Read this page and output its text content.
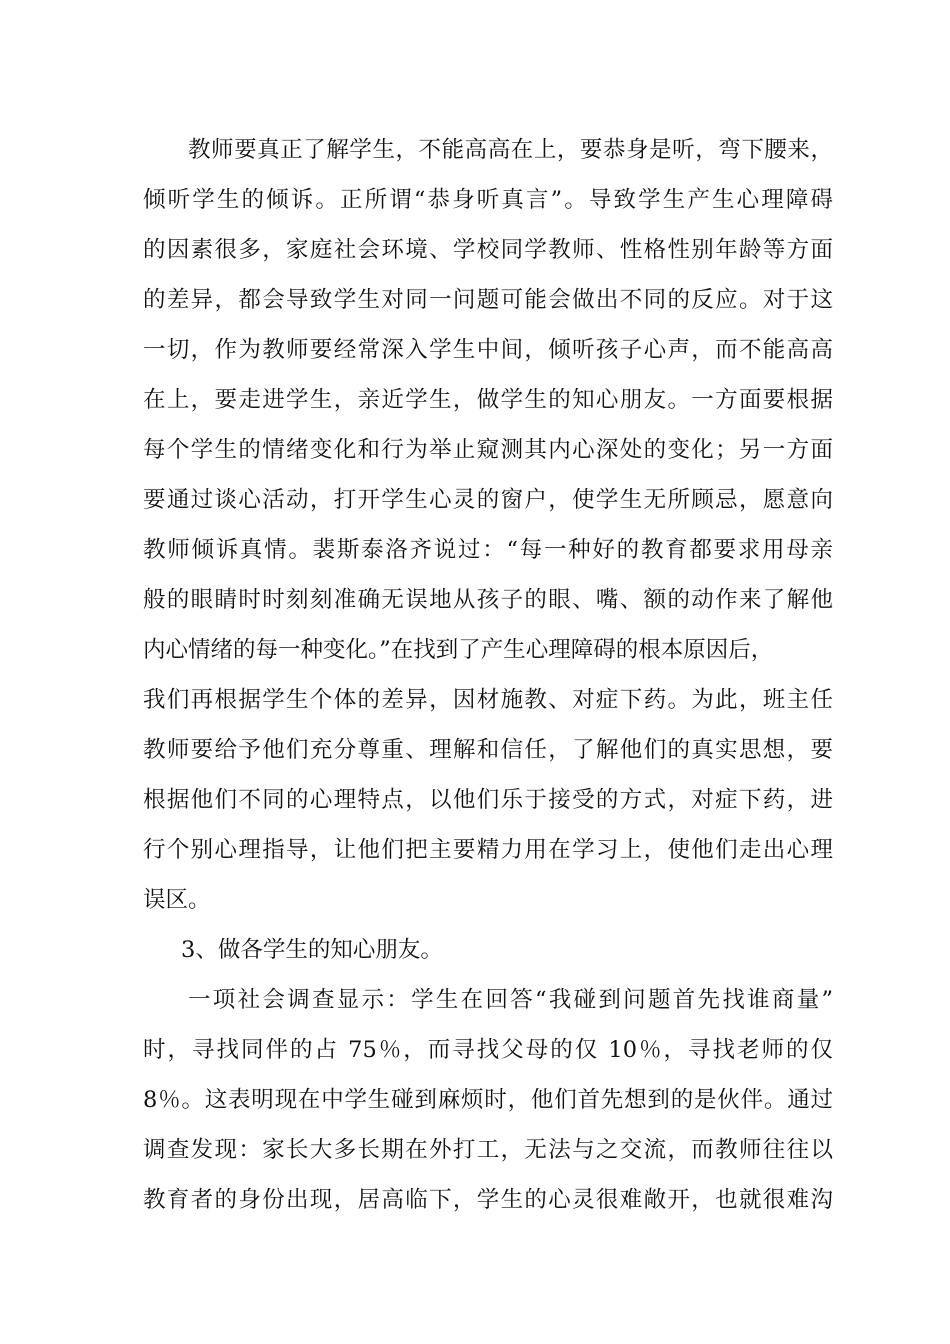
教师要真正了解学生，不能高高在上，要恭身是听，弯下腰来，
倾听学生的倾诉。正所谓“恭身听真言”。导致学生产生心理障碍
的因素很多，家庭社会环境、学校同学教师、性格性别年龄等方面
的差异，都会导致学生对同一问题可能会做出不同的反应。对于这
一切，作为教师要经常深入学生中间，倾听孩子心声，而不能高高
在上，要走进学生，亲近学生，做学生的知心朋友。一方面要根据
每个学生的情绪变化和行为举止窥测其内心深处的变化；另一方面
要通过谈心活动，打开学生心灵的窗户，使学生无所顾忌，愿意向
教师倾诉真情。裴斯泰洛齐说过：“每一种好的教育都要求用母亲
般的眼睛时时刻刻准确无误地从孩子的眼、嘴、额的动作来了解他
内心情绪的每一种变化。”在找到了产生心理障碍的根本原因后，
我们再根据学生个体的差异，因材施教、对症下药。为此，班主任
教师要给予他们充分尊重、理解和信任，了解他们的真实思想，要
根据他们不同的心理特点，以他们乐于接受的方式，对症下药，进
行个别心理指导，让他们把主要精力用在学习上，使他们走出心理
误区。
3、做各学生的知心朋友。
一项社会调查显示：学生在回答“我碰到问题首先找谁商量”
时，寻找同伴的占 75％，而寻找父母的仅 10％，寻找老师的仅
8％。这表明现在中学生碰到麻烦时，他们首先想到的是伙伴。通过
调查发现：家长大多长期在外打工，无法与之交流，而教师往往以
教育者的身份出现，居高临下，学生的心灵很难敞开，也就很难沟
